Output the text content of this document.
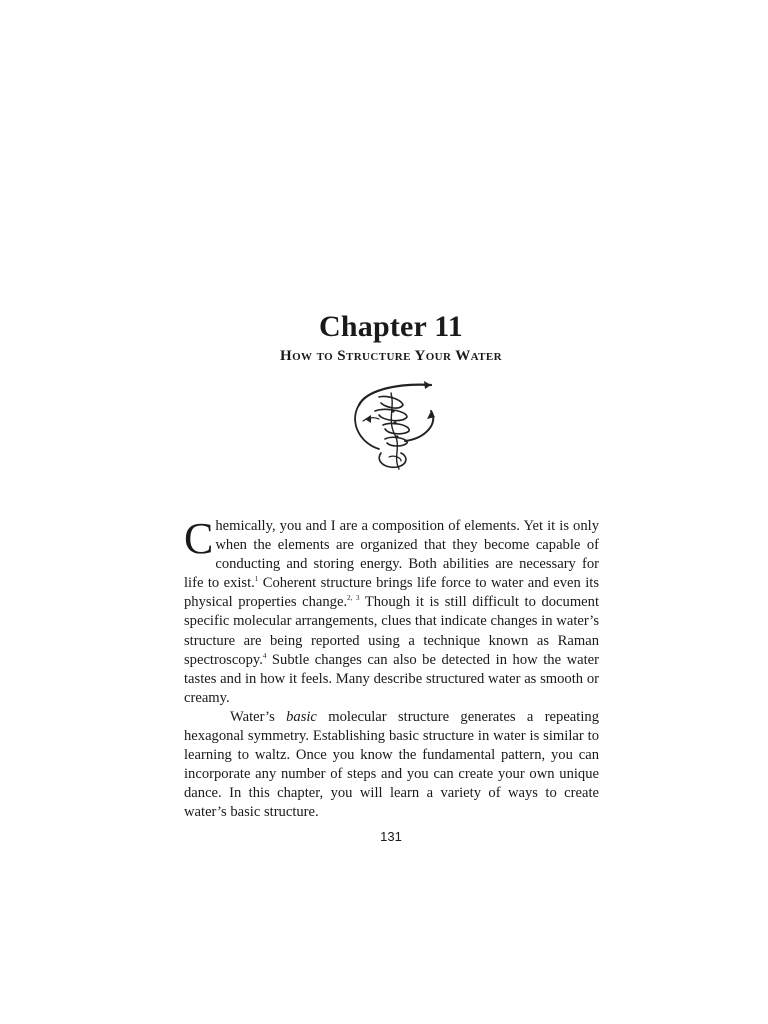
Chapter 11
How to Structure Your Water

Chemically, you and I are a composition of elements. Yet it is only when the elements are organized that they become capable of conducting and storing energy. Both abilities are necessary for life to exist.$^1$ Coherent structure brings life force to water and even its physical properties change.$^{2, 3}$ Though it is still difficult to document specific molecular arrangements, clues that indicate changes in water’s structure are being reported using a technique known as Raman spectroscopy.$^4$ Subtle changes can also be detected in how the water tastes and in how it feels. Many describe structured water as smooth or creamy.

Water’s basic molecular structure generates a repeating hexagonal symmetry. Establishing basic structure in water is similar to learning to waltz. Once you know the fundamental pattern, you can incorporate any number of steps and you can create your own unique dance. In this chapter, you will learn a variety of ways to create water’s basic structure.

131
